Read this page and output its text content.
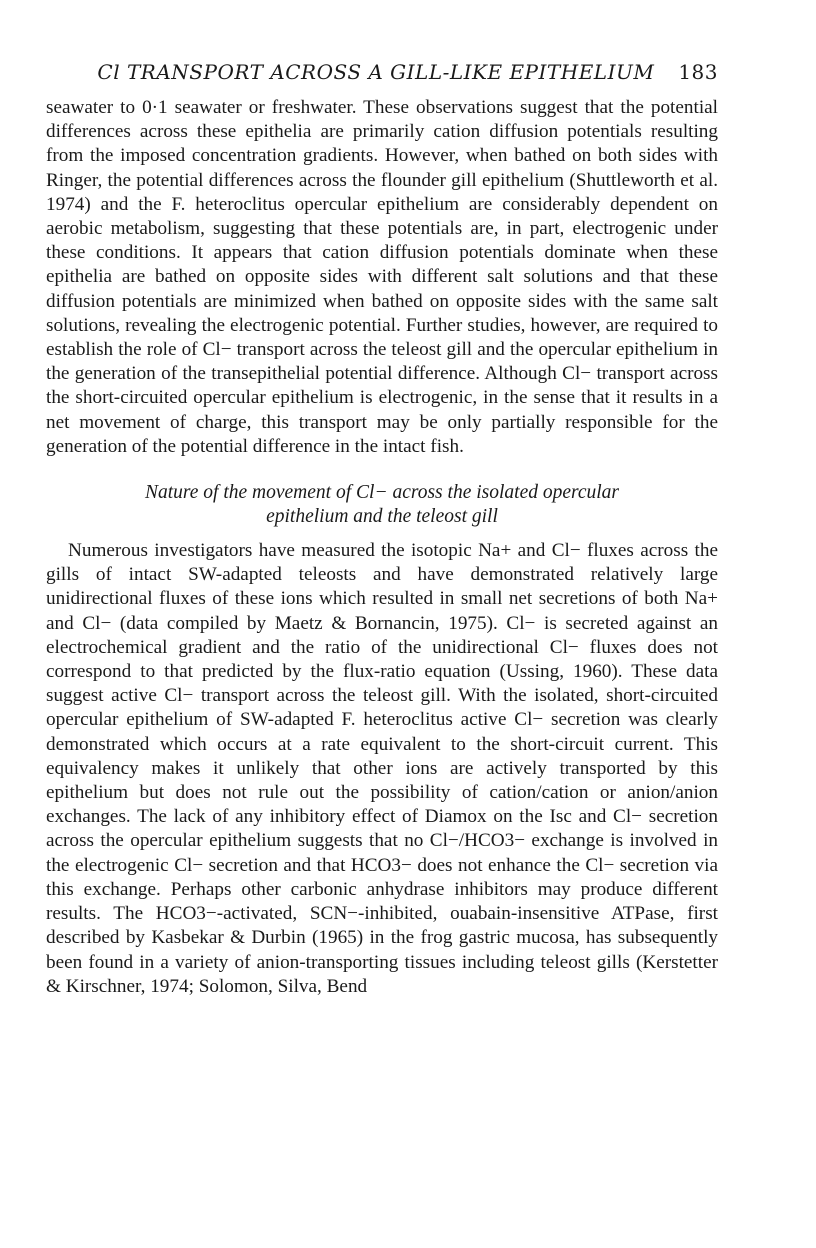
Cl TRANSPORT ACROSS A GILL-LIKE EPITHELIUM 183

seawater to 0·1 seawater or freshwater. These observations suggest that the potential differences across these epithelia are primarily cation diffusion potentials resulting from the imposed concentration gradients. However, when bathed on both sides with Ringer, the potential differences across the flounder gill epithelium (Shuttleworth et al. 1974) and the F. heteroclitus opercular epithelium are considerably dependent on aerobic metabolism, suggesting that these potentials are, in part, electrogenic under these conditions. It appears that cation diffusion potentials dominate when these epithelia are bathed on opposite sides with different salt solutions and that these diffusion potentials are minimized when bathed on opposite sides with the same salt solutions, revealing the electrogenic potential. Further studies, however, are required to establish the role of Cl− transport across the teleost gill and the opercular epithelium in the generation of the transepithelial potential difference. Although Cl− transport across the short-circuited opercular epithelium is electrogenic, in the sense that it results in a net movement of charge, this transport may be only partially responsible for the generation of the potential difference in the intact fish.

Nature of the movement of Cl− across the isolated opercular
epithelium and the teleost gill

Numerous investigators have measured the isotopic Na+ and Cl− fluxes across the gills of intact SW-adapted teleosts and have demonstrated relatively large unidirectional fluxes of these ions which resulted in small net secretions of both Na+ and Cl− (data compiled by Maetz & Bornancin, 1975). Cl− is secreted against an electrochemical gradient and the ratio of the unidirectional Cl− fluxes does not correspond to that predicted by the flux-ratio equation (Ussing, 1960). These data suggest active Cl− transport across the teleost gill. With the isolated, short-circuited opercular epithelium of SW-adapted F. heteroclitus active Cl− secretion was clearly demonstrated which occurs at a rate equivalent to the short-circuit current. This equivalency makes it unlikely that other ions are actively transported by this epithelium but does not rule out the possibility of cation/cation or anion/anion exchanges. The lack of any inhibitory effect of Diamox on the Isc and Cl− secretion across the opercular epithelium suggests that no Cl−/HCO3− exchange is involved in the electrogenic Cl− secretion and that HCO3− does not enhance the Cl− secretion via this exchange. Perhaps other carbonic anhydrase inhibitors may produce different results. The HCO3−-activated, SCN−-inhibited, ouabain-insensitive ATPase, first described by Kasbekar & Durbin (1965) in the frog gastric mucosa, has subsequently been found in a variety of anion-transporting tissues including teleost gills (Kerstetter & Kirschner, 1974; Solomon, Silva, Bend
